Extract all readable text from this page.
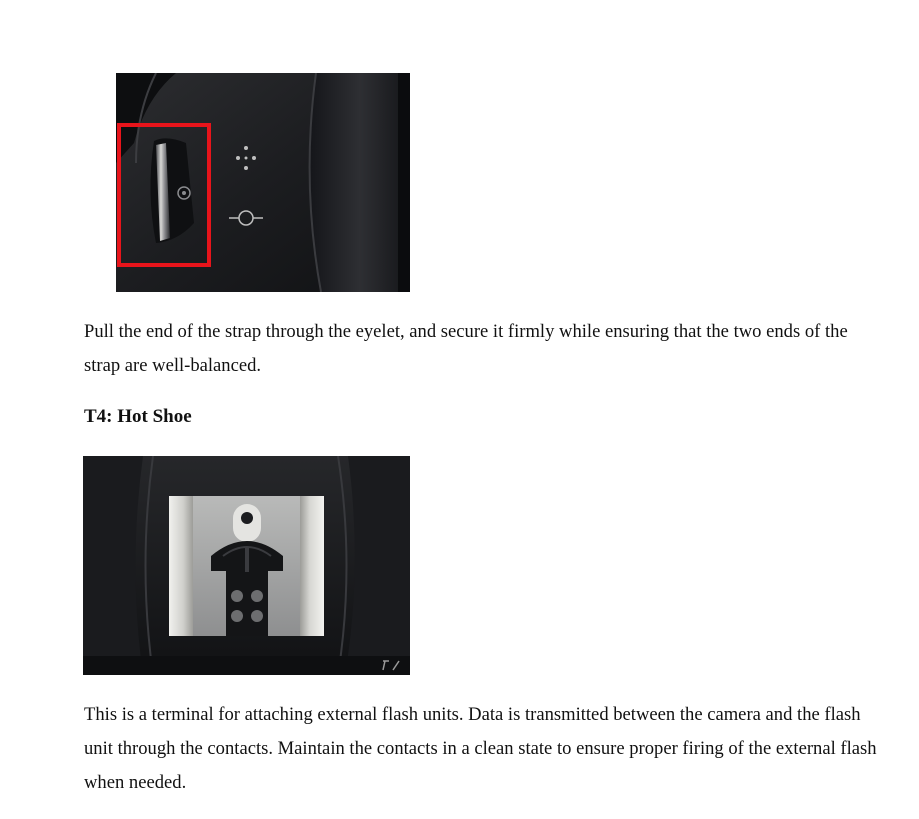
Pull the end of the strap through the eyelet, and secure it firmly while ensuring that the two ends of the strap are well-balanced.

T4: Hot Shoe

This is a terminal for attaching external flash units. Data is transmitted between the camera and the flash unit through the contacts. Maintain the contacts in a clean state to ensure proper firing of the external flash when needed.
